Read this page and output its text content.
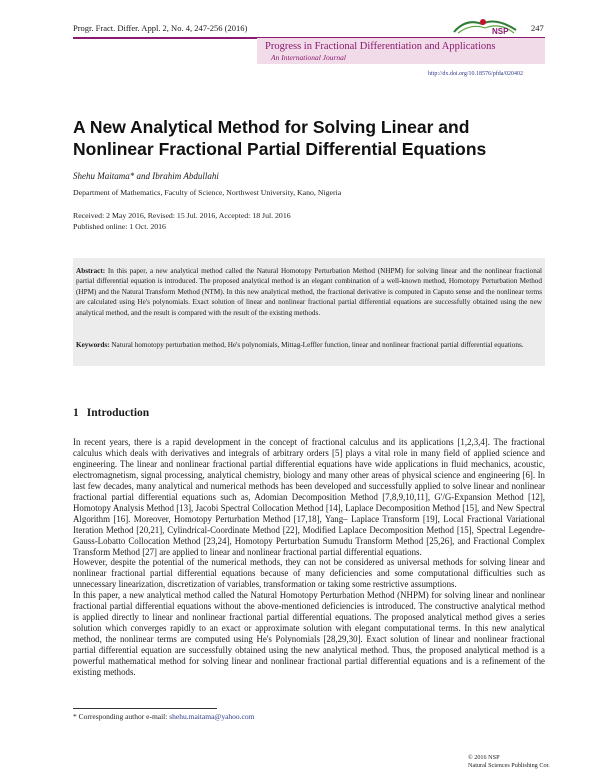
Progr. Fract. Differ. Appl. 2, No. 4, 247-256 (2016)	NSP	247
Progress in Fractional Differentiation and Applications
An International Journal
http://dx.doi.org/10.18576/pfda/020402
A New Analytical Method for Solving Linear and Nonlinear Fractional Partial Differential Equations
Shehu Maitama* and Ibrahim Abdullahi
Department of Mathematics, Faculty of Science, Northwest University, Kano, Nigeria
Received: 2 May 2016, Revised: 15 Jul. 2016, Accepted: 18 Jul. 2016
Published online: 1 Oct. 2016
Abstract: In this paper, a new analytical method called the Natural Homotopy Perturbation Method (NHPM) for solving linear and the nonlinear fractional partial differential equation is introduced. The proposed analytical method is an elegant combination of a well-known method, Homotopy Perturbation Method (HPM) and the Natural Transform Method (NTM). In this new analytical method, the fractional derivative is computed in Caputo sense and the nonlinear terms are calculated using He's polynomials. Exact solution of linear and nonlinear fractional partial differential equations are successfully obtained using the new analytical method, and the result is compared with the result of the existing methods.
Keywords: Natural homotopy perturbation method, He's polynomials, Mittag-Leffler function, linear and nonlinear fractional partial differential equations.
1 Introduction

In recent years, there is a rapid development in the concept of fractional calculus and its applications [1,2,3,4]. The fractional calculus which deals with derivatives and integrals of arbitrary orders [5] plays a vital role in many field of applied science and engineering. The linear and nonlinear fractional partial differential equations have wide applications in fluid mechanics, acoustic, electromagnetism, signal processing, analytical chemistry, biology and many other areas of physical science and engineering [6]. In last few decades, many analytical and numerical methods has been developed and successfully applied to solve linear and nonlinear fractional partial differential equations such as, Adomian Decomposition Method [7,8,9,10,11], G'/G-Expansion Method [12], Homotopy Analysis Method [13], Jacobi Spectral Collocation Method [14], Laplace Decomposition Method [15], and New Spectral Algorithm [16]. Moreover, Homotopy Perturbation Method [17,18], Yang– Laplace Transform [19], Local Fractional Variational Iteration Method [20,21], Cylindrical-Coordinate Method [22], Modified Laplace Decomposition Method [15], Spectral Legendre-Gauss-Lobatto Collocation Method [23,24], Homotopy Perturbation Sumudu Transform Method [25,26], and Fractional Complex Transform Method [27] are applied to linear and nonlinear fractional partial differential equations.

However, despite the potential of the numerical methods, they can not be considered as universal methods for solving linear and nonlinear fractional partial differential equations because of many deficiencies and some computational difficulties such as unnecessary linearization, discretization of variables, transformation or taking some restrictive assumptions.

In this paper, a new analytical method called the Natural Homotopy Perturbation Method (NHPM) for solving linear and nonlinear fractional partial differential equations without the above-mentioned deficiencies is introduced. The constructive analytical method is applied directly to linear and nonlinear fractional partial differential equations. The proposed analytical method gives a series solution which converges rapidly to an exact or approximate solution with elegant computational terms. In this new analytical method, the nonlinear terms are computed using He's Polynomials [28,29,30]. Exact solution of linear and nonlinear fractional partial differential equation are successfully obtained using the new analytical method. Thus, the proposed analytical method is a powerful mathematical method for solving linear and nonlinear fractional partial differential equations and is a refinement of the existing methods.

* Corresponding author e-mail: shehu.maitama@yahoo.com
© 2016 NSP
Natural Sciences Publishing Cor.
